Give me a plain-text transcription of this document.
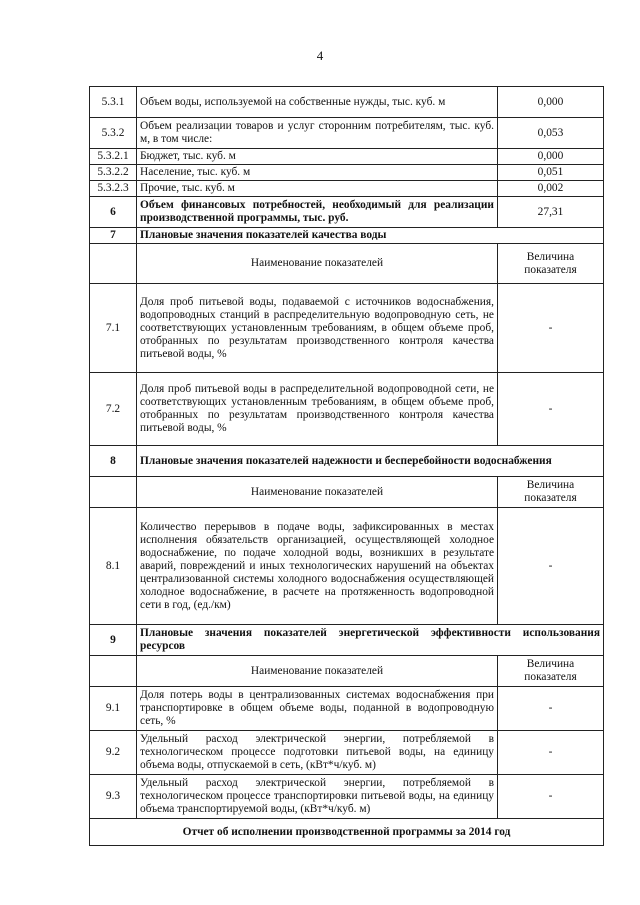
4
5.3.1	Объем воды, используемой на собственные нужды, тыс. куб. м	0,000
5.3.2	Объем реализации товаров и услуг сторонним потребителям, тыс. куб. м, в том числе:	0,053
5.3.2.1	Бюджет, тыс. куб. м	0,000
5.3.2.2	Население, тыс. куб. м	0,051
5.3.2.3	Прочие, тыс. куб. м	0,002
6	Объем финансовых потребностей, необходимый для реализации производственной программы, тыс. руб.	27,31
7	Плановые значения показателей качества воды	
	Наименование показателей	Величина показателя
7.1	Доля проб питьевой воды, подаваемой с источников водоснабжения, водопроводных станций в распределительную водопроводную сеть, не соответствующих установленным требованиям, в общем объеме проб, отобранных по результатам производственного контроля качества питьевой воды, %	-
7.2	Доля проб питьевой воды в распределительной водопроводной сети, не соответствующих установленным требованиям, в общем объеме проб, отобранных по результатам производственного контроля качества питьевой воды, %	-
8	Плановые значения показателей надежности и бесперебойности водоснабжения	
	Наименование показателей	Величина показателя
8.1	Количество перерывов в подаче воды, зафиксированных в местах исполнения обязательств организацией, осуществляющей холодное водоснабжение, по подаче холодной воды, возникших в результате аварий, повреждений и иных технологических нарушений на объектах централизованной системы холодного водоснабжения осуществляющей холодное водоснабжение, в расчете на протяженность водопроводной сети в год, (ед./км)	-
9	Плановые значения показателей энергетической эффективности использования ресурсов	
	Наименование показателей	Величина показателя
9.1	Доля потерь воды в централизованных системах водоснабжения при транспортировке в общем объеме воды, поданной в водопроводную сеть, %	-
9.2	Удельный расход электрической энергии, потребляемой в технологическом процессе подготовки питьевой воды, на единицу объема воды, отпускаемой в сеть, (кВт*ч/куб. м)	-
9.3	Удельный расход электрической энергии, потребляемой в технологическом процессе транспортировки питьевой воды, на единицу объема транспортируемой воды, (кВт*ч/куб. м)	-
Отчет об исполнении производственной программы за 2014 год		
